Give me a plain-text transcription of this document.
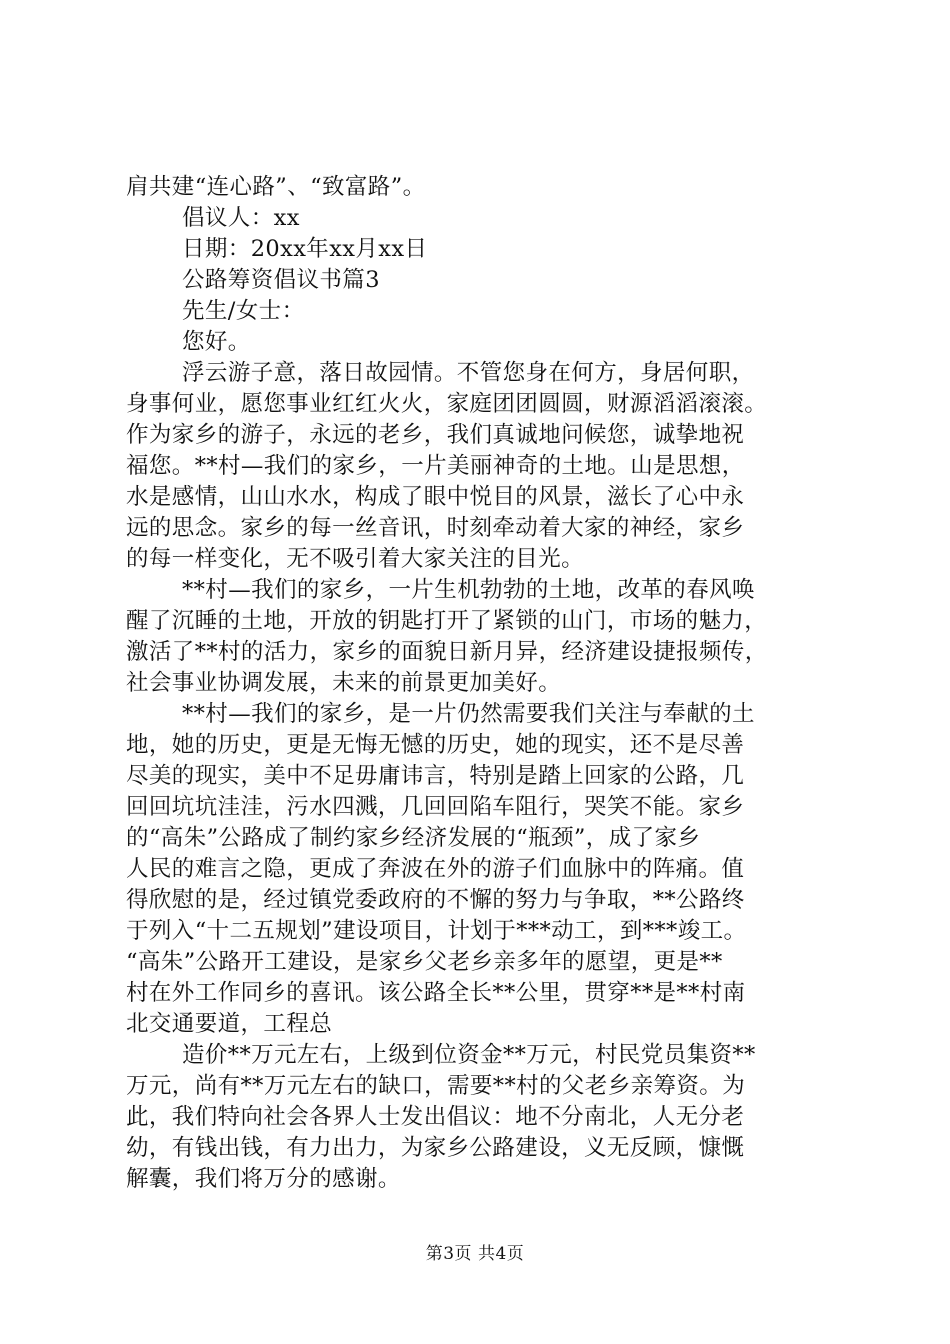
肩共建“连心路”、“致富路”。
倡议人：xx
日期：20xx年xx月xx日
公路筹资倡议书篇3
先生/女士：
您好。
浮云游子意，落日故园情。不管您身在何方，身居何职，
身事何业，愿您事业红红火火，家庭团团圆圆，财源滔滔滚滚。
作为家乡的游子，永远的老乡，我们真诚地问候您，诚挚地祝
福您。**村—我们的家乡，一片美丽神奇的土地。山是思想，
水是感情，山山水水，构成了眼中悦目的风景，滋长了心中永
远的思念。家乡的每一丝音讯，时刻牵动着大家的神经，家乡
的每一样变化，无不吸引着大家关注的目光。
**村—我们的家乡，一片生机勃勃的土地，改革的春风唤
醒了沉睡的土地，开放的钥匙打开了紧锁的山门，市场的魅力，
激活了**村的活力，家乡的面貌日新月异，经济建设捷报频传，
社会事业协调发展，未来的前景更加美好。
**村—我们的家乡，是一片仍然需要我们关注与奉献的土
地，她的历史，更是无悔无憾的历史，她的现实，还不是尽善
尽美的现实，美中不足毋庸讳言，特别是踏上回家的公路，几
回回坑坑洼洼，污水四溅，几回回陷车阻行，哭笑不能。家乡
的“高朱”公路成了制约家乡经济发展的“瓶颈”，成了家乡
人民的难言之隐，更成了奔波在外的游子们血脉中的阵痛。值
得欣慰的是，经过镇党委政府的不懈的努力与争取，**公路终
于列入“十二五规划”建设项目，计划于***动工，到***竣工。
“高朱”公路开工建设，是家乡父老乡亲多年的愿望，更是**
村在外工作同乡的喜讯。该公路全长**公里，贯穿**是**村南
北交通要道，工程总
造价**万元左右，上级到位资金**万元，村民党员集资**
万元，尚有**万元左右的缺口，需要**村的父老乡亲筹资。为
此，我们特向社会各界人士发出倡议：地不分南北，人无分老
幼，有钱出钱，有力出力，为家乡公路建设，义无反顾，慷慨
解囊，我们将万分的感谢。
第3页 共4页
